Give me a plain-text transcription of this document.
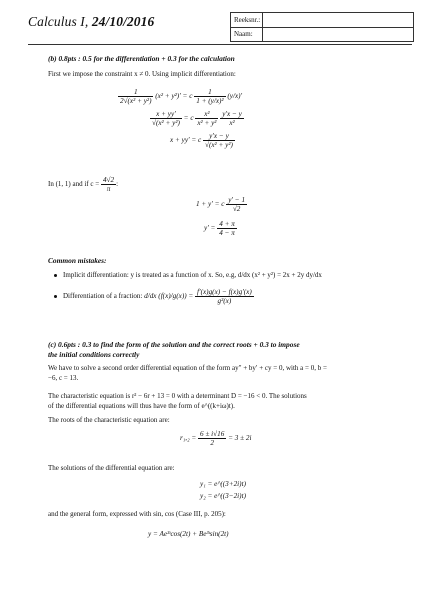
Calculus I, 24/10/2016	Reeksnr.:
Naam:
(b) 0.8pts : 0.5 for the differentiation + 0.3 for the calculation
First we impose the constraint x ≠ 0. Using implicit differentiation:
$\frac{1}{\text{2√(x² + y²)}} (x^2 + y^2)' = c \frac{1}{\text{1 + (y/x)²}} (y/x)'$
$\frac{x + yy'}{\text{√(x² + y²)}} = c \frac{\text{x²}}{\text{x² + y²}}$
$\frac{y'x - y}{\text{x²}}$
x + yy′ = c $\frac{y'x - y}{\text{√(x² + y²)}}$
In (1, 1) and if $c = \frac{4√2}{\pi}$ :
1 + y′ = c $\frac{y' - 1}{√2}$
$y' = \frac{4 + \pi}{4 - \pi}$
Common mistakes:
Implicit differentiation: y is treated as a function of x. So, e.g, d/dx (x² + y²) = 2x + 2y dy/dx
Differentiation of a fraction: d/dx $(f(x)/g(x)) = \frac{f'(x)g(x) - f(x)g'(x)}{\text{g²(x)}}$
(c) 0.6pts : 0.3 to find the form of the solution and the correct roots + 0.3 to impose
the initial conditions correctly
We have to solve a second order differential equation of the form ay″ + by′ + cy = 0, with a = 0, b =
−6, c = 13.
The characteristic equation is r² − 6r + 13 = 0 with a determinant D = −16 < 0. The solutions
of the differential equations will thus have the form of e^((k+iω)t).
The roots of the characteristic equation are:
$r_1,_2 = \frac{6 \pm i√16}{2} = 3 \pm 2i$
The solutions of the differential equation are:
y₁ = e^((3+2i)t)
y₂ = e^((3−2i)t)
and the general form, expressed with sin, cos (Case III, p. 205):
y = Ae³ᵗcos(2t) + Be³ᵗsin(2t)
